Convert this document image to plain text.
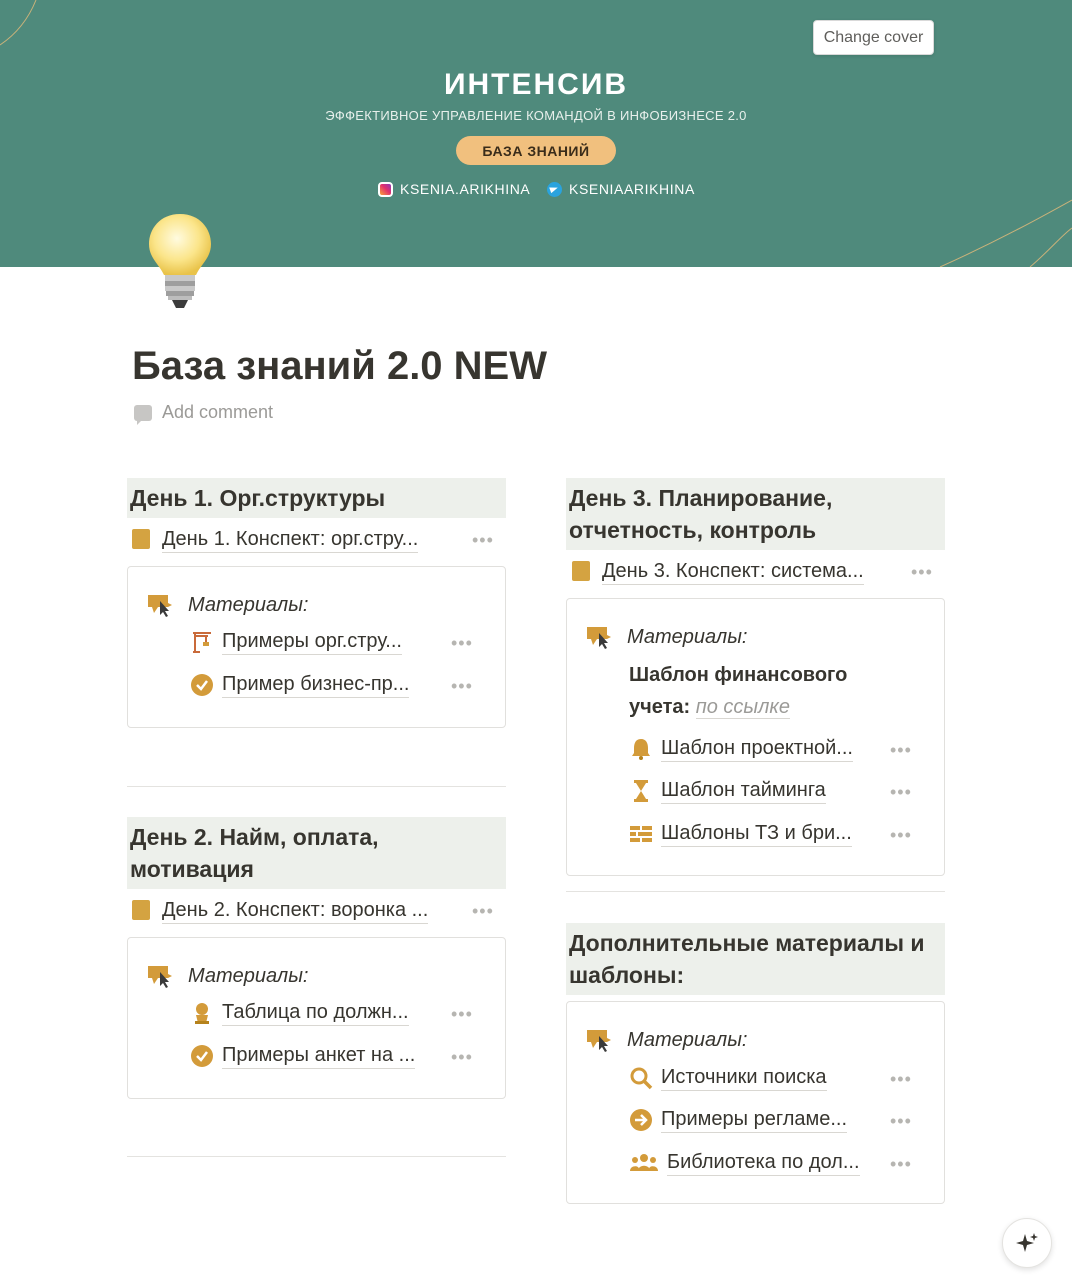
ИНТЕНСИВ
ЭФФЕКТИВНОЕ УПРАВЛЕНИЕ КОМАНДОЙ В ИНФОБИЗНЕСЕ 2.0
БАЗА ЗНАНИЙ
KSENIA.ARIKHINA	KSENIAARIKHINA
Change cover
База знаний 2.0 NEW
Add comment
День 1. Орг.структуры
День 1. Конспект: орг.стру...	•••
Материалы:
Примеры орг.стру...	•••
Пример бизнес-пр... •••
День 2. Найм, оплата,
мотивация
День 2. Конспект: воронка ... •••
Материалы:
Таблица по должн... •••
Примеры анкет на ... •••
День 3. Планирование,
отчетность, контроль
День 3. Конспект: система...	•••
Материалы:
Шаблон финансового
учета: по ссылке
Шаблон проектной... •••
Шаблон тайминга	•••
Шаблоны ТЗ и бри... •••
Дополнительные материалы и
шаблоны:
Материалы:
Источники поиска	•••
Примеры регламе... •••
Библиотека по дол... •••
